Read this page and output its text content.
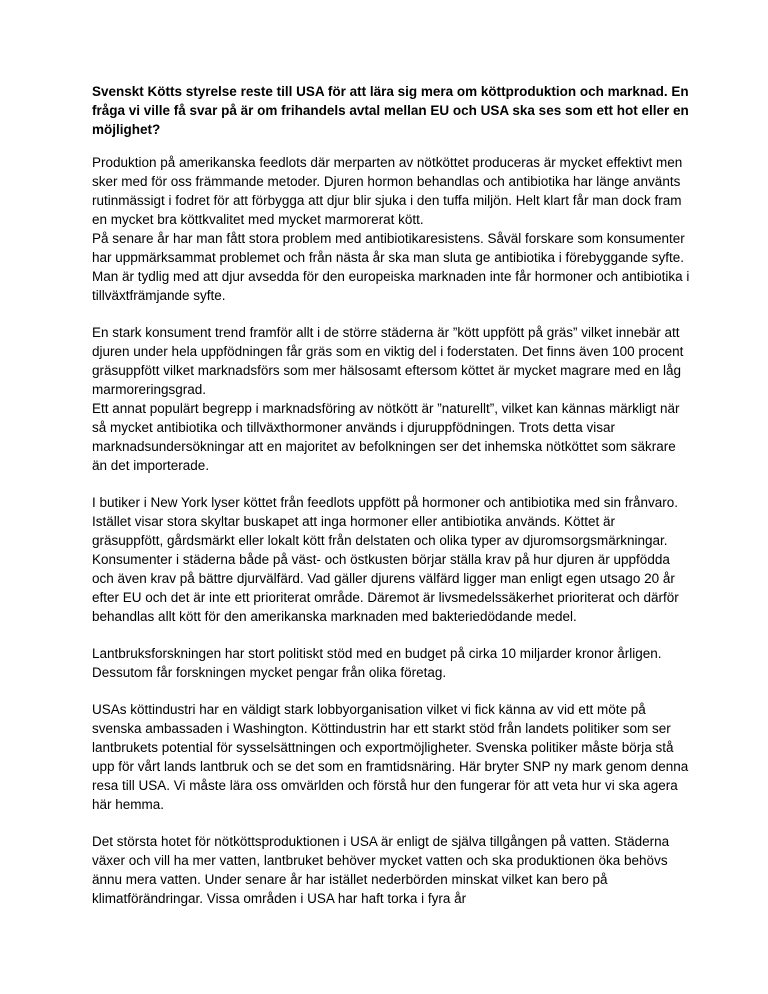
Svenskt Kötts styrelse reste till USA för att lära sig mera om köttproduktion och marknad. En fråga vi ville få svar på är om frihandels avtal mellan EU och USA ska ses som ett hot eller en möjlighet?

Produktion på amerikanska feedlots där merparten av nötköttet produceras är mycket effektivt men sker med för oss främmande metoder. Djuren hormon behandlas och antibiotika har länge använts rutinmässigt i fodret för att förbygga att djur blir sjuka i den tuffa miljön. Helt klart får man dock fram en mycket bra köttkvalitet med mycket marmorerat kött.

På senare år har man fått stora problem med antibiotikaresistens. Såväl forskare som konsumenter har uppmärksammat problemet och från nästa år ska man sluta ge antibiotika i förebyggande syfte. Man är tydlig med att djur avsedda för den europeiska marknaden inte får hormoner och antibiotika i tillväxtfrämjande syfte.

En stark konsument trend framför allt i de större städerna är ”kött uppfött på gräs” vilket innebär att djuren under hela uppfödningen får gräs som en viktig del i foderstaten. Det finns även 100 procent gräsuppfött vilket marknadsförs som mer hälsosamt eftersom köttet är mycket magrare med en låg marmoreringsgrad.

Ett annat populärt begrepp i marknadsföring av nötkött är ”naturellt”, vilket kan kännas märkligt när så mycket antibiotika och tillväxthormoner används i djuruppfödningen. Trots detta visar marknadsundersökningar att en majoritet av befolkningen ser det inhemska nötköttet som säkrare än det importerade.

I butiker i New York lyser köttet från feedlots uppfött på hormoner och antibiotika med sin frånvaro. Istället visar stora skyltar buskapet att inga hormoner eller antibiotika används. Köttet är gräsuppfött, gårdsmärkt eller lokalt kött från delstaten och olika typer av djuromsorgsmärkningar. Konsumenter i städerna både på väst- och östkusten börjar ställa krav på hur djuren är uppfödda och även krav på bättre djurvälfärd. Vad gäller djurens välfärd ligger man enligt egen utsago 20 år efter EU och det är inte ett prioriterat område. Däremot är livsmedelssäkerhet prioriterat och därför behandlas allt kött för den amerikanska marknaden med bakteriedödande medel.

Lantbruksforskningen har stort politiskt stöd med en budget på cirka 10 miljarder kronor årligen. Dessutom får forskningen mycket pengar från olika företag.

USAs köttindustri har en väldigt stark lobbyorganisation vilket vi fick känna av vid ett möte på svenska ambassaden i Washington. Köttindustrin har ett starkt stöd från landets politiker som ser lantbrukets potential för sysselsättningen och exportmöjligheter. Svenska politiker måste börja stå upp för vårt lands lantbruk och se det som en framtidsnäring. Här bryter SNP ny mark genom denna resa till USA. Vi måste lära oss omvärlden och förstå hur den fungerar för att veta hur vi ska agera här hemma.

Det största hotet för nötköttsproduktionen i USA är enligt de själva tillgången på vatten. Städerna växer och vill ha mer vatten, lantbruket behöver mycket vatten och ska produktionen öka behövs ännu mera vatten. Under senare år har istället nederbörden minskat vilket kan bero på klimatförändringar. Vissa områden i USA har haft torka i fyra år
